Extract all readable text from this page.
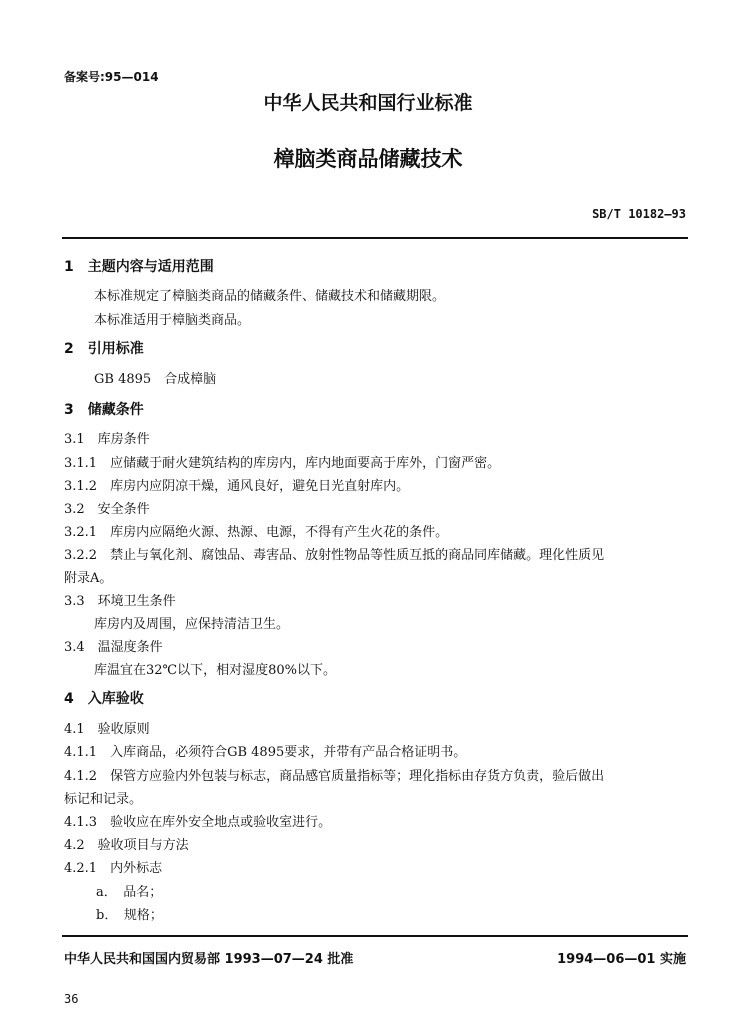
备案号:95—014
中华人民共和国行业标准
樟脑类商品储藏技术
SB/T 10182—93
1　主题内容与适用范围
本标准规定了樟脑类商品的储藏条件、储藏技术和储藏期限。
本标准适用于樟脑类商品。
2　引用标准
GB 4895　合成樟脑
3　储藏条件
3.1　库房条件
3.1.1　应储藏于耐火建筑结构的库房内，库内地面要高于库外，门窗严密。
3.1.2　库房内应阴凉干燥，通风良好，避免日光直射库内。
3.2　安全条件
3.2.1　库房内应隔绝火源、热源、电源，不得有产生火花的条件。
3.2.2　禁止与氧化剂、腐蚀品、毒害品、放射性物品等性质互抵的商品同库储藏。理化性质见
附录A。
3.3　环境卫生条件
库房内及周围，应保持清洁卫生。
3.4　温湿度条件
库温宜在32℃以下，相对湿度80%以下。
4　入库验收
4.1　验收原则
4.1.1　入库商品，必须符合GB 4895要求，并带有产品合格证明书。
4.1.2　保管方应验内外包装与标志，商品感官质量指标等；理化指标由存货方负责，验后做出
标记和记录。
4.1.3　验收应在库外安全地点或验收室进行。
4.2　验收项目与方法
4.2.1　内外标志
a．　品名；
b．　规格；
中华人民共和国国内贸易部 1993—07—24 批准	1994—06—01 实施
36
